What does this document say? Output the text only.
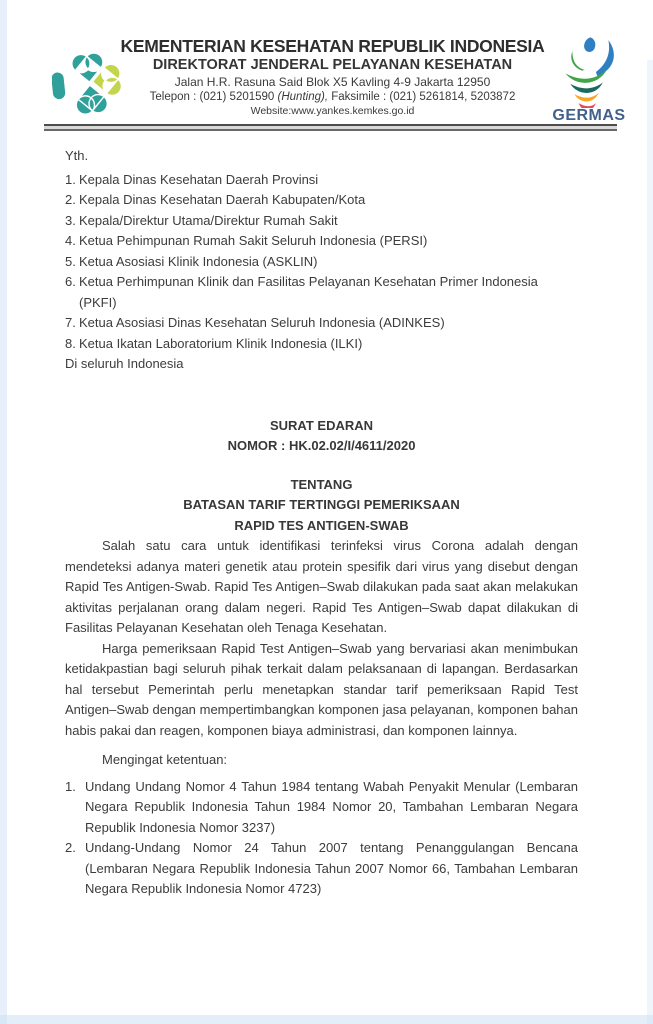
KEMENTERIAN KESEHATAN REPUBLIK INDONESIA
DIREKTORAT JENDERAL PELAYANAN KESEHATAN
Jalan H.R. Rasuna Said Blok X5 Kavling 4-9 Jakarta 12950
Telepon : (021) 5201590 (Hunting), Faksimile : (021) 5261814, 5203872
Website:www.yankes.kemkes.go.id	GERMAS
Yth.
1. Kepala Dinas Kesehatan Daerah Provinsi
2. Kepala Dinas Kesehatan Daerah Kabupaten/Kota
3. Kepala/Direktur Utama/Direktur Rumah Sakit
4. Ketua Pehimpunan Rumah Sakit Seluruh Indonesia (PERSI)
5. Ketua Asosiasi Klinik Indonesia (ASKLIN)
6. Ketua Perhimpunan Klinik dan Fasilitas Pelayanan Kesehatan Primer Indonesia (PKFI)
7. Ketua Asosiasi Dinas Kesehatan Seluruh Indonesia (ADINKES)
8. Ketua Ikatan Laboratorium Klinik Indonesia (ILKI)
Di seluruh Indonesia
SURAT EDARAN
NOMOR : HK.02.02/I/4611/2020
TENTANG
BATASAN TARIF TERTINGGI PEMERIKSAAN
RAPID TES ANTIGEN-SWAB

Salah satu cara untuk identifikasi terinfeksi virus Corona adalah dengan mendeteksi adanya materi genetik atau protein spesifik dari virus yang disebut dengan Rapid Tes Antigen-Swab. Rapid Tes Antigen–Swab dilakukan pada saat akan melakukan aktivitas perjalanan orang dalam negeri. Rapid Tes Antigen–Swab dapat dilakukan di Fasilitas Pelayanan Kesehatan oleh Tenaga Kesehatan.

Harga pemeriksaan Rapid Test Antigen–Swab yang bervariasi akan menimbukan ketidakpastian bagi seluruh pihak terkait dalam pelaksanaan di lapangan. Berdasarkan hal tersebut Pemerintah perlu menetapkan standar tarif pemeriksaan Rapid Test Antigen–Swab dengan mempertimbangkan komponen jasa pelayanan, komponen bahan habis pakai dan reagen, komponen biaya administrasi, dan komponen lainnya.

Mengingat ketentuan:
1. Undang Undang Nomor 4 Tahun 1984 tentang Wabah Penyakit Menular (Lembaran Negara Republik Indonesia Tahun 1984 Nomor 20, Tambahan Lembaran Negara Republik Indonesia Nomor 3237)
2. Undang-Undang Nomor 24 Tahun 2007 tentang Penanggulangan Bencana (Lembaran Negara Republik Indonesia Tahun 2007 Nomor 66, Tambahan Lembaran Negara Republik Indonesia Nomor 4723)
